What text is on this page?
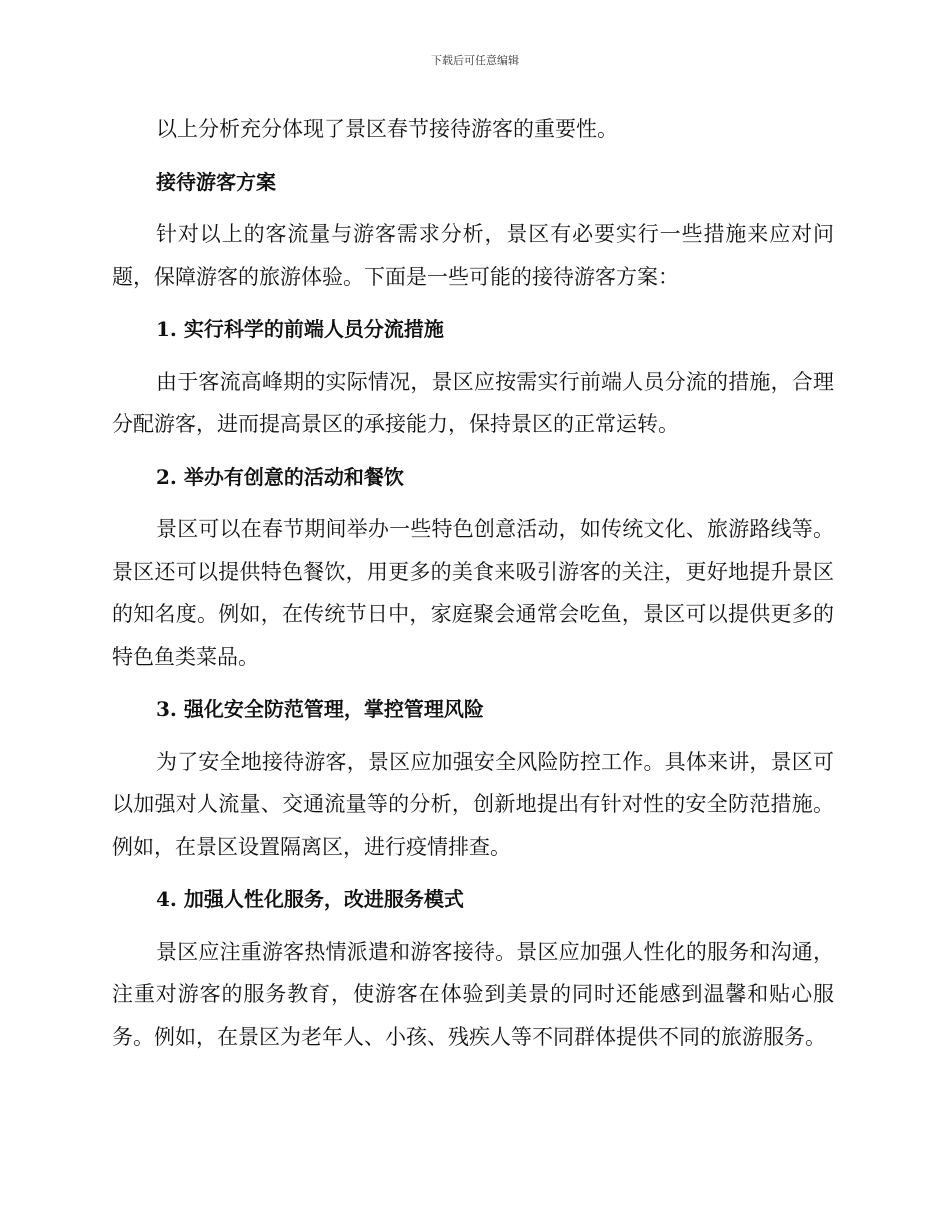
下载后可任意编辑

以上分析充分体现了景区春节接待游客的重要性。

接待游客方案

针对以上的客流量与游客需求分析，景区有必要实行一些措施来应对问题，保障游客的旅游体验。下面是一些可能的接待游客方案：

1. 实行科学的前端人员分流措施

由于客流高峰期的实际情况，景区应按需实行前端人员分流的措施，合理分配游客，进而提高景区的承接能力，保持景区的正常运转。

2. 举办有创意的活动和餐饮

景区可以在春节期间举办一些特色创意活动，如传统文化、旅游路线等。景区还可以提供特色餐饮，用更多的美食来吸引游客的关注，更好地提升景区的知名度。例如，在传统节日中，家庭聚会通常会吃鱼，景区可以提供更多的特色鱼类菜品。

3. 强化安全防范管理，掌控管理风险

为了安全地接待游客，景区应加强安全风险防控工作。具体来讲，景区可以加强对人流量、交通流量等的分析，创新地提出有针对性的安全防范措施。例如，在景区设置隔离区，进行疫情排查。

4. 加强人性化服务，改进服务模式

景区应注重游客热情派遣和游客接待。景区应加强人性化的服务和沟通，注重对游客的服务教育，使游客在体验到美景的同时还能感到温馨和贴心服务。例如，在景区为老年人、小孩、残疾人等不同群体提供不同的旅游服务。
